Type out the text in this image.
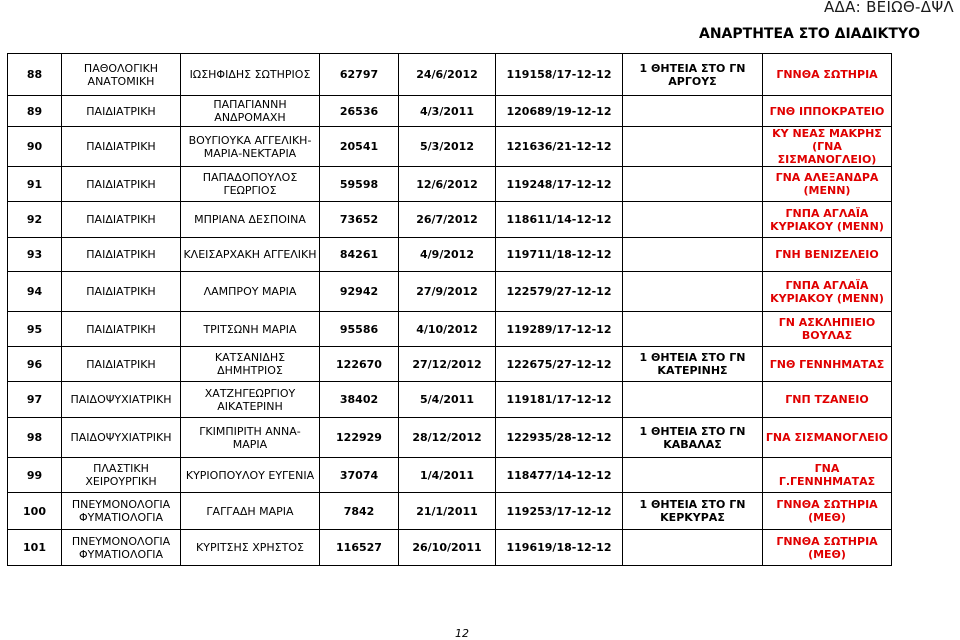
ΑΔΑ: ΒΕΙΩΘ-ΔΨΛ
ΑΝΑΡΤΗΤΕΑ ΣΤΟ ΔΙΑΔΙΚΤΥΟ
88	ΠΑΘΟΛΟΓΙΚΗ ΑΝΑΤΟΜΙΚΗ	ΙΩΣΗΦΙΔΗΣ ΣΩΤΗΡΙΟΣ	62797	24/6/2012	119158/17-12-12	1 ΘΗΤΕΙΑ ΣΤΟ ΓΝ ΑΡΓΟΥΣ	ΓΝΝΘΑ ΣΩΤΗΡΙΑ
89	ΠΑΙΔΙΑΤΡΙΚΗ	ΠΑΠΑΓΙΑΝΝΗ ΑΝΔΡΟΜΑΧΗ	26536	4/3/2011	120689/19-12-12		ΓΝΘ ΙΠΠΟΚΡΑΤΕΙΟ
90	ΠΑΙΔΙΑΤΡΙΚΗ	ΒΟΥΓΙΟΥΚΑ ΑΓΓΕΛΙΚΗ-ΜΑΡΙΑ-ΝΕΚΤΑΡΙΑ	20541	5/3/2012	121636/21-12-12		ΚΥ ΝΕΑΣ ΜΑΚΡΗΣ (ΓΝΑ ΣΙΣΜΑΝΟΓΛΕΙΟ)
91	ΠΑΙΔΙΑΤΡΙΚΗ	ΠΑΠΑΔΟΠΟΥΛΟΣ ΓΕΩΡΓΙΟΣ	59598	12/6/2012	119248/17-12-12		ΓΝΑ ΑΛΕΞΑΝΔΡΑ (ΜΕΝΝ)
92	ΠΑΙΔΙΑΤΡΙΚΗ	ΜΠΡΙΑΝΑ ΔΕΣΠΟΙΝΑ	73652	26/7/2012	118611/14-12-12		ΓΝΠΑ ΑΓΛΑΪΑ ΚΥΡΙΑΚΟΥ (ΜΕΝΝ)
93	ΠΑΙΔΙΑΤΡΙΚΗ	ΚΛΕΙΣΑΡΧΑΚΗ ΑΓΓΕΛΙΚΗ	84261	4/9/2012	119711/18-12-12		ΓΝΗ ΒΕΝΙΖΕΛΕΙΟ
94	ΠΑΙΔΙΑΤΡΙΚΗ	ΛΑΜΠΡΟΥ ΜΑΡΙΑ	92942	27/9/2012	122579/27-12-12		ΓΝΠΑ ΑΓΛΑΪΑ ΚΥΡΙΑΚΟΥ (ΜΕΝΝ)
95	ΠΑΙΔΙΑΤΡΙΚΗ	ΤΡΙΤΣΩΝΗ ΜΑΡΙΑ	95586	4/10/2012	119289/17-12-12		ΓΝ ΑΣΚΛΗΠΙΕΙΟ ΒΟΥΛΑΣ
96	ΠΑΙΔΙΑΤΡΙΚΗ	ΚΑΤΣΑΝΙΔΗΣ ΔΗΜΗΤΡΙΟΣ	122670	27/12/2012	122675/27-12-12	1 ΘΗΤΕΙΑ ΣΤΟ ΓΝ ΚΑΤΕΡΙΝΗΣ	ΓΝΘ ΓΕΝΝΗΜΑΤΑΣ
97	ΠΑΙΔΟΨΥΧΙΑΤΡΙΚΗ	ΧΑΤΖΗΓΕΩΡΓΙΟΥ ΑΙΚΑΤΕΡΙΝΗ	38402	5/4/2011	119181/17-12-12		ΓΝΠ ΤΖΑΝΕΙΟ
98	ΠΑΙΔΟΨΥΧΙΑΤΡΙΚΗ	ΓΚΙΜΠΙΡΙΤΗ ΑΝΝΑ-ΜΑΡΙΑ	122929	28/12/2012	122935/28-12-12	1 ΘΗΤΕΙΑ ΣΤΟ ΓΝ ΚΑΒΑΛΑΣ	ΓΝΑ ΣΙΣΜΑΝΟΓΛΕΙΟ
99	ΠΛΑΣΤΙΚΗ ΧΕΙΡΟΥΡΓΙΚΗ	ΚΥΡΙΟΠΟΥΛΟΥ ΕΥΓΕΝΙΑ	37074	1/4/2011	118477/14-12-12		ΓΝΑ Γ.ΓΕΝΝΗΜΑΤΑΣ
100	ΠΝΕΥΜΟΝΟΛΟΓΙΑ ΦΥΜΑΤΙΟΛΟΓΙΑ	ΓΑΓΓΑΔΗ ΜΑΡΙΑ	7842	21/1/2011	119253/17-12-12	1 ΘΗΤΕΙΑ ΣΤΟ ΓΝ ΚΕΡΚΥΡΑΣ	ΓΝΝΘΑ ΣΩΤΗΡΙΑ (ΜΕΘ)
101	ΠΝΕΥΜΟΝΟΛΟΓΙΑ ΦΥΜΑΤΙΟΛΟΓΙΑ	ΚΥΡΙΤΣΗΣ ΧΡΗΣΤΟΣ	116527	26/10/2011	119619/18-12-12		ΓΝΝΘΑ ΣΩΤΗΡΙΑ (ΜΕΘ)
12
